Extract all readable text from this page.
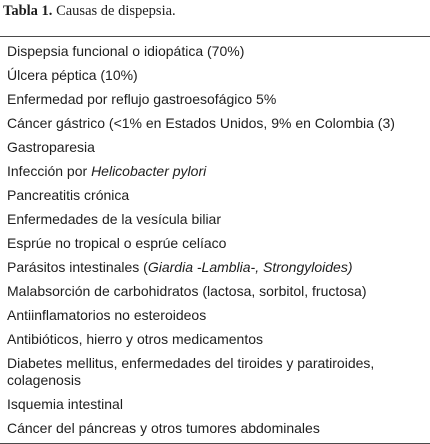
Tabla 1. Causas de dispepsia.
Dispepsia funcional o idiopática (70%)
Úlcera péptica (10%)
Enfermedad por reflujo gastroesofágico 5%
Cáncer gástrico (<1% en Estados Unidos, 9% en Colombia (3)
Gastroparesia
Infección por Helicobacter pylori
Pancreatitis crónica
Enfermedades de la vesícula biliar
Esprúe no tropical o esprúe celíaco
Parásitos intestinales (Giardia -Lamblia-, Strongyloides)
Malabsorción de carbohidratos (lactosa, sorbitol, fructosa)
Antiinflamatorios no esteroideos
Antibióticos, hierro y otros medicamentos
Diabetes mellitus, enfermedades del tiroides y paratiroides, colagenosis
Isquemia intestinal
Cáncer del páncreas y otros tumores abdominales
